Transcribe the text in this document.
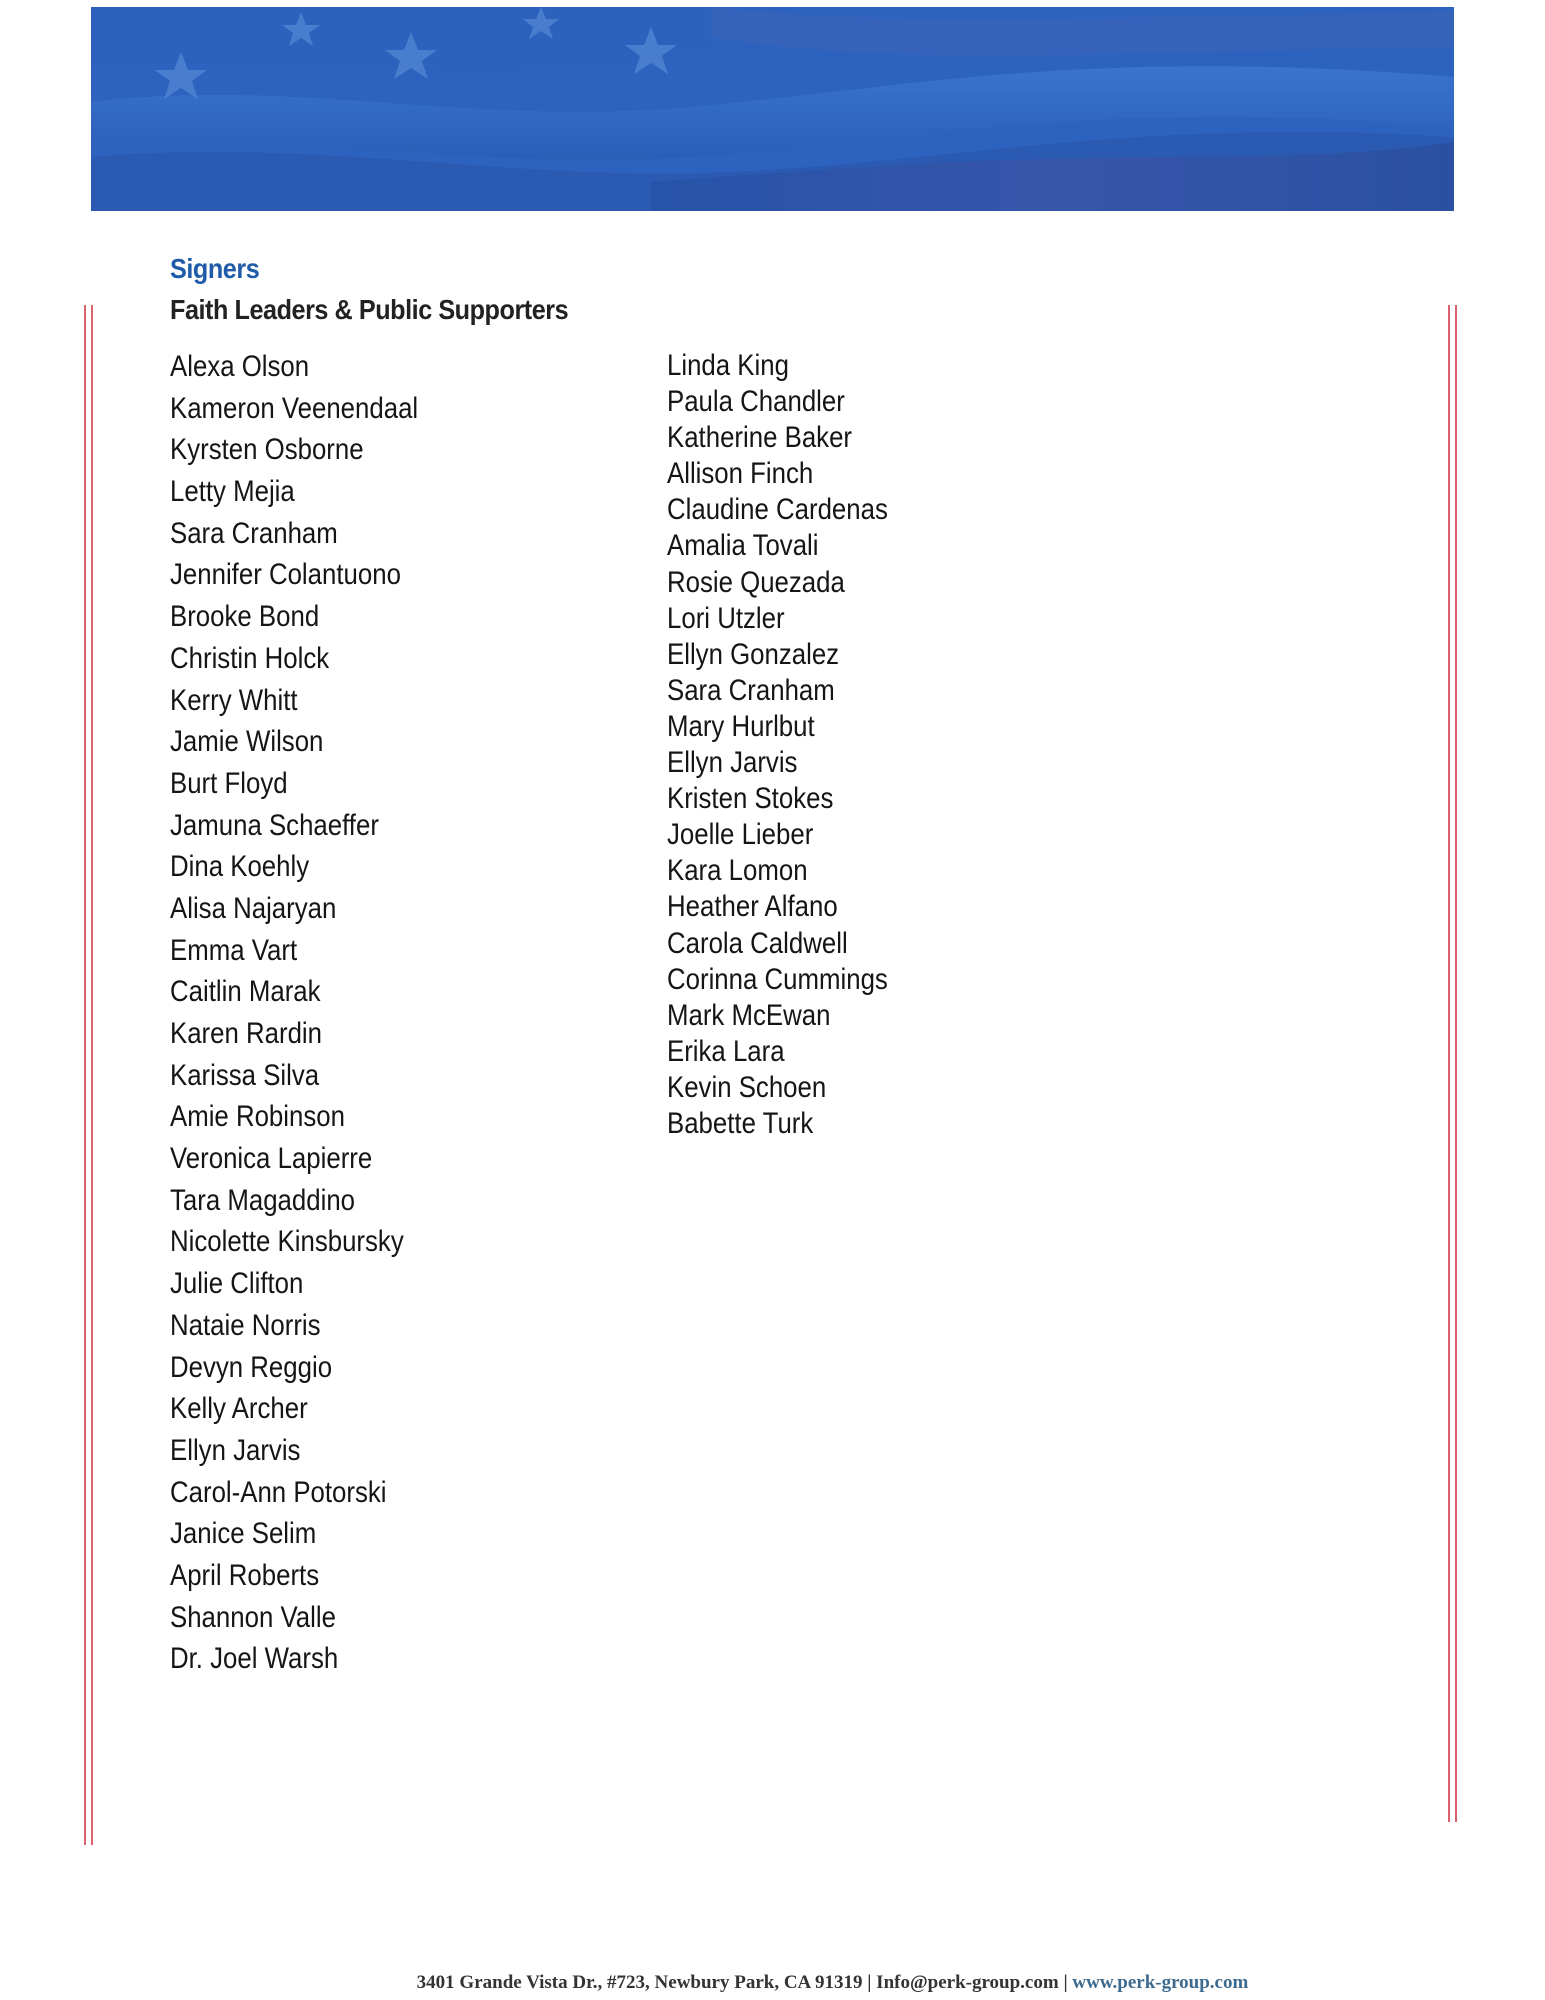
Signers
Faith Leaders & Public Supporters
Alexa Olson
Kameron Veenendaal
Kyrsten Osborne
Letty Mejia
Sara Cranham
Jennifer Colantuono
Brooke Bond
Christin Holck
Kerry Whitt
Jamie Wilson
Burt Floyd
Jamuna Schaeffer
Dina Koehly
Alisa Najaryan
Emma Vart
Caitlin Marak
Karen Rardin
Karissa Silva
Amie Robinson
Veronica Lapierre
Tara Magaddino
Nicolette Kinsbursky
Julie Clifton
Nataie Norris
Devyn Reggio
Kelly Archer
Ellyn Jarvis
Carol-Ann Potorski
Janice Selim
April Roberts
Shannon Valle
Dr. Joel Warsh
Linda King
Paula Chandler
Katherine Baker
Allison Finch
Claudine Cardenas
Amalia Tovali
Rosie Quezada
Lori Utzler
Ellyn Gonzalez
Sara Cranham
Mary Hurlbut
Ellyn Jarvis
Kristen Stokes
Joelle Lieber
Kara Lomon
Heather Alfano
Carola Caldwell
Corinna Cummings
Mark McEwan
Erika Lara
Kevin Schoen
Babette Turk
3401 Grande Vista Dr., #723, Newbury Park, CA 91319 | Info@perk-group.com | www.perk-group.com
